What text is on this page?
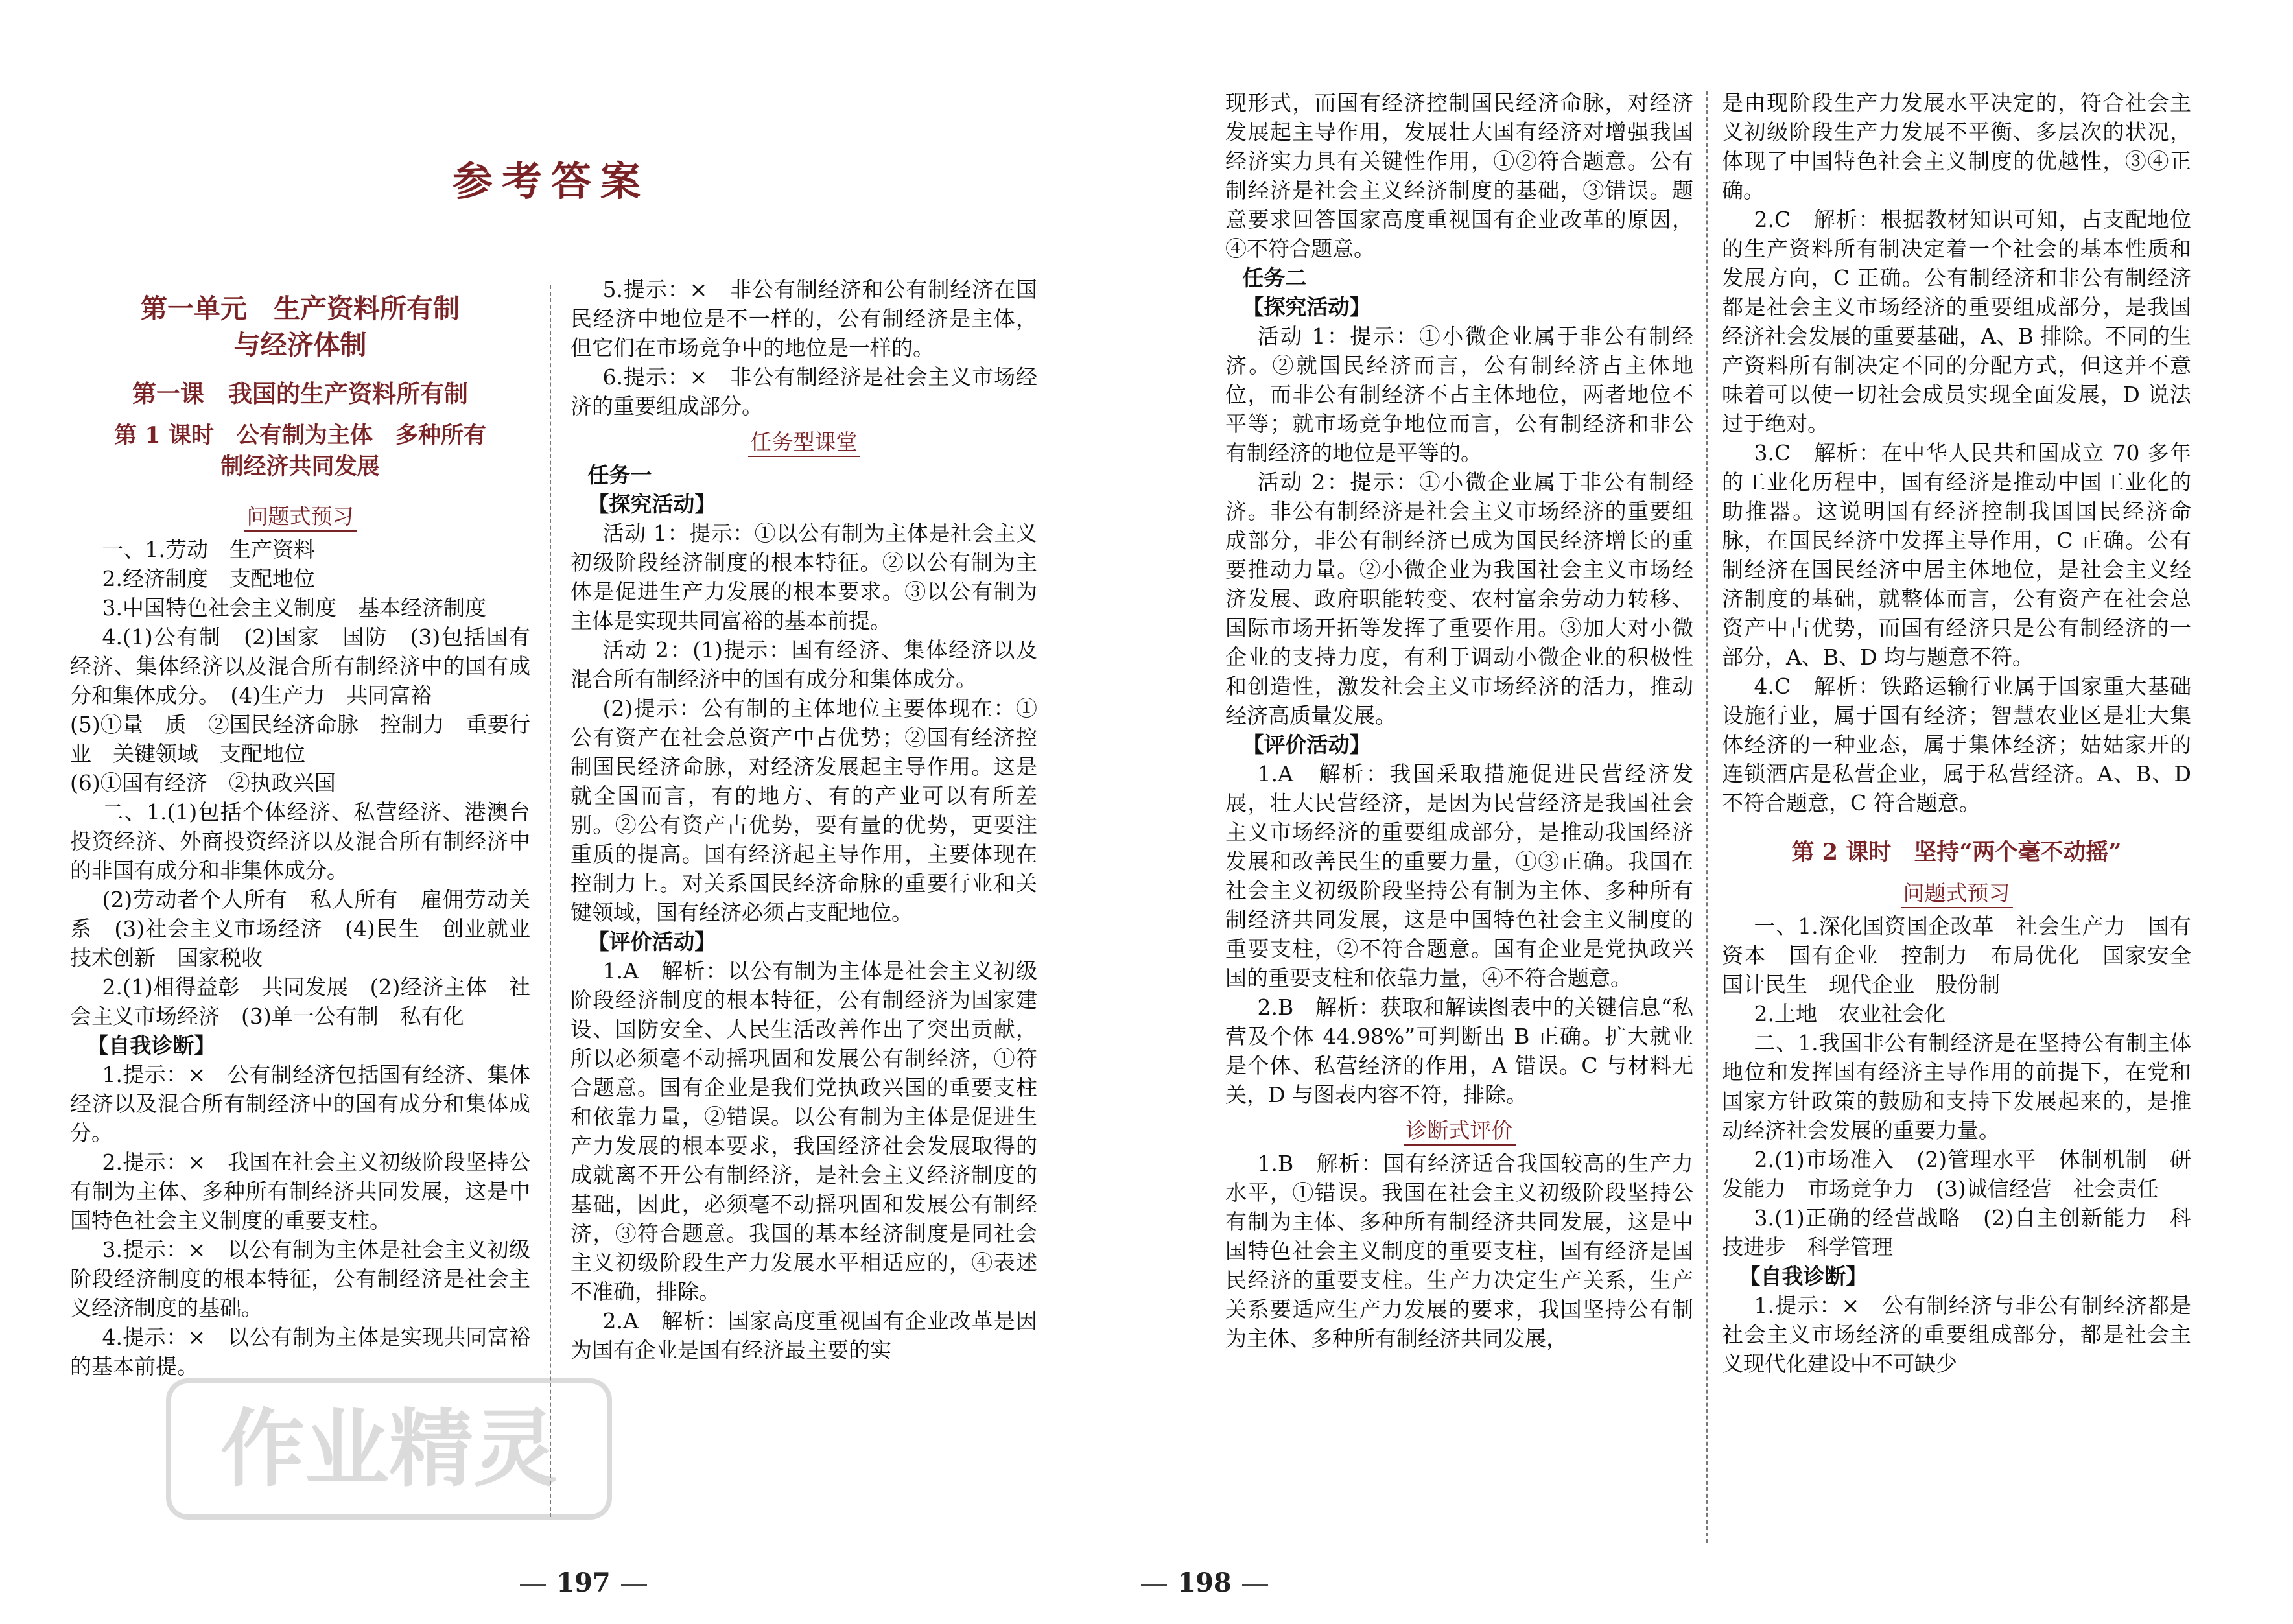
参考答案
第一单元　生产资料所有制
与经济体制
第一课　我国的生产资料所有制
第 1 课时　公有制为主体　多种所有
制经济共同发展
问题式预习

一、1.劳动　生产资料

2.经济制度　支配地位

3.中国特色社会主义制度　基本经济制度

4.(1)公有制　(2)国家　国防　(3)包括国有经济、集体经济以及混合所有制经济中的国有成分和集体成分。　(4)生产力　共同富裕

(5)①量　质　②国民经济命脉　控制力　重要行业　关键领域　支配地位

(6)①国有经济　②执政兴国

二、1.(1)包括个体经济、私营经济、港澳台投资经济、外商投资经济以及混合所有制经济中的非国有成分和非集体成分。

(2)劳动者个人所有　私人所有　雇佣劳动关系　(3)社会主义市场经济　(4)民生　创业就业　技术创新　国家税收

2.(1)相得益彰　共同发展　(2)经济主体　社会主义市场经济　(3)单一公有制　私有化

【自我诊断】

1.提示：×　公有制经济包括国有经济、集体经济以及混合所有制经济中的国有成分和集体成分。

2.提示：×　我国在社会主义初级阶段坚持公有制为主体、多种所有制经济共同发展，这是中国特色社会主义制度的重要支柱。

3.提示：×　以公有制为主体是社会主义初级阶段经济制度的根本特征，公有制经济是社会主义经济制度的基础。

4.提示：×　以公有制为主体是实现共同富裕的基本前提。

5.提示：×　非公有制经济和公有制经济在国民经济中地位是不一样的，公有制经济是主体，但它们在市场竞争中的地位是一样的。

6.提示：×　非公有制经济是社会主义市场经济的重要组成部分。

任务型课堂
任务一
【探究活动】

活动 1：提示：①以公有制为主体是社会主义初级阶段经济制度的根本特征。②以公有制为主体是促进生产力发展的根本要求。③以公有制为主体是实现共同富裕的基本前提。

活动 2：(1)提示：国有经济、集体经济以及混合所有制经济中的国有成分和集体成分。

(2)提示：公有制的主体地位主要体现在：①公有资产在社会总资产中占优势；②国有经济控制国民经济命脉，对经济发展起主导作用。这是就全国而言，有的地方、有的产业可以有所差别。②公有资产占优势，要有量的优势，更要注重质的提高。国有经济起主导作用，主要体现在控制力上。对关系国民经济命脉的重要行业和关键领域，国有经济必须占支配地位。

【评价活动】

1.A　解析：以公有制为主体是社会主义初级阶段经济制度的根本特征，公有制经济为国家建设、国防安全、人民生活改善作出了突出贡献，所以必须毫不动摇巩固和发展公有制经济，①符合题意。国有企业是我们党执政兴国的重要支柱和依靠力量，②错误。以公有制为主体是促进生产力发展的根本要求，我国经济社会发展取得的成就离不开公有制经济，是社会主义经济制度的基础，因此，必须毫不动摇巩固和发展公有制经济，③符合题意。我国的基本经济制度是同社会主义初级阶段生产力发展水平相适应的，④表述不准确，排除。

2.A　解析：国家高度重视国有企业改革是因为国有企业是国有经济最主要的实

197
作业精灵

现形式，而国有经济控制国民经济命脉，对经济发展起主导作用，发展壮大国有经济对增强我国经济实力具有关键性作用，①②符合题意。公有制经济是社会主义经济制度的基础，③错误。题意要求回答国家高度重视国有企业改革的原因，④不符合题意。

任务二
【探究活动】

活动 1：提示：①小微企业属于非公有制经济。②就国民经济而言，公有制经济占主体地位，而非公有制经济不占主体地位，两者地位不平等；就市场竞争地位而言，公有制经济和非公有制经济的地位是平等的。

活动 2：提示：①小微企业属于非公有制经济。非公有制经济是社会主义市场经济的重要组成部分，非公有制经济已成为国民经济增长的重要推动力量。②小微企业为我国社会主义市场经济发展、政府职能转变、农村富余劳动力转移、国际市场开拓等发挥了重要作用。③加大对小微企业的支持力度，有利于调动小微企业的积极性和创造性，激发社会主义市场经济的活力，推动经济高质量发展。

【评价活动】

1.A　解析：我国采取措施促进民营经济发展，壮大民营经济，是因为民营经济是我国社会主义市场经济的重要组成部分，是推动我国经济发展和改善民生的重要力量，①③正确。我国在社会主义初级阶段坚持公有制为主体、多种所有制经济共同发展，这是中国特色社会主义制度的重要支柱，②不符合题意。国有企业是党执政兴国的重要支柱和依靠力量，④不符合题意。

2.B　解析：获取和解读图表中的关键信息“私营及个体 44.98%”可判断出 B 正确。扩大就业是个体、私营经济的作用，A 错误。C 与材料无关，D 与图表内容不符，排除。

诊断式评价

1.B　解析：国有经济适合我国较高的生产力水平，①错误。我国在社会主义初级阶段坚持公有制为主体、多种所有制经济共同发展，这是中国特色社会主义制度的重要支柱，国有经济是国民经济的重要支柱。生产力决定生产关系，生产关系要适应生产力发展的要求，我国坚持公有制为主体、多种所有制经济共同发展，

是由现阶段生产力发展水平决定的，符合社会主义初级阶段生产力发展不平衡、多层次的状况，体现了中国特色社会主义制度的优越性，③④正确。

2.C　解析：根据教材知识可知，占支配地位的生产资料所有制决定着一个社会的基本性质和发展方向，C 正确。公有制经济和非公有制经济都是社会主义市场经济的重要组成部分，是我国经济社会发展的重要基础，A、B 排除。不同的生产资料所有制决定不同的分配方式，但这并不意味着可以使一切社会成员实现全面发展，D 说法过于绝对。

3.C　解析：在中华人民共和国成立 70 多年的工业化历程中，国有经济是推动中国工业化的助推器。这说明国有经济控制我国国民经济命脉，在国民经济中发挥主导作用，C 正确。公有制经济在国民经济中居主体地位，是社会主义经济制度的基础，就整体而言，公有资产在社会总资产中占优势，而国有经济只是公有制经济的一部分，A、B、D 均与题意不符。

4.C　解析：铁路运输行业属于国家重大基础设施行业，属于国有经济；智慧农业区是壮大集体经济的一种业态，属于集体经济；姑姑家开的连锁酒店是私营企业，属于私营经济。A、B、D 不符合题意，C 符合题意。

第 2 课时　坚持“两个毫不动摇”
问题式预习

一、1.深化国资国企改革　社会生产力　国有资本　国有企业　控制力　布局优化　国家安全　国计民生　现代企业　股份制

2.土地　农业社会化

二、1.我国非公有制经济是在坚持公有制主体地位和发挥国有经济主导作用的前提下，在党和国家方针政策的鼓励和支持下发展起来的，是推动经济社会发展的重要力量。

2.(1)市场准入　(2)管理水平　体制机制　研发能力　市场竞争力　(3)诚信经营　社会责任

3.(1)正确的经营战略　(2)自主创新能力　科技进步　科学管理

【自我诊断】

1.提示：×　公有制经济与非公有制经济都是社会主义市场经济的重要组成部分，都是社会主义现代化建设中不可缺少

198
